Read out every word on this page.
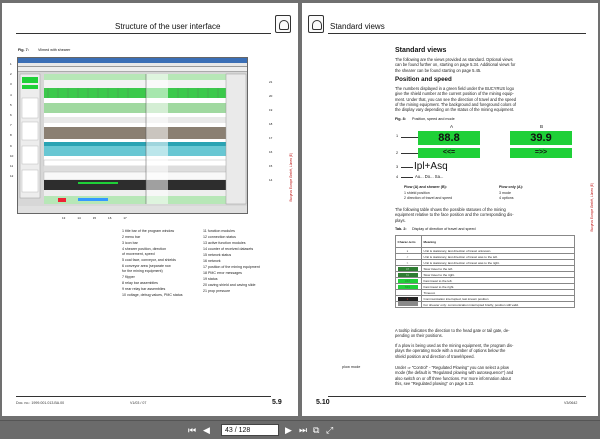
Structure of the user interface
Bucyrus Europe GmbH, Lünen (E)
Fig. 7: Viimed with shearer
1
2
3
4
5
6
7
8
9
10
11
12
21
20
19
18
17
16
15
14
13	14	15	16	17
1 title bar of the program window
2 menu bar
3 icon bar
4 shearer position, direction
of movement, speed
5 coal face, conveyor, and shields
6 conveyor area (separate row
for the mining equipment)
7 flipper
8 relay bar assemblies
9 rear relay bar assemblies
10 voltage, debug values, PMC status
11 function modules
12 connection status
13 active function modules
14 counter of received datasets
15 network status
16 network
17 position of the mining equipment
18 PMC error messages
19 status
20 caving shield and caving slide
21 prop pressure
Doc. no.: 1999.001.013.BA.00	V1/03 / 07	5.9
Standard views
Bucyrus Europe GmbH, Lünen (E)
Standard views
The following are the views provided as standard. Optional views
can be found further on, starting on page 5.34. Additional views for
the shearer can be found starting on page 5.45.
Position and speed
The numbers displayed in a green field under the BUCYRUS logo
give the shield number at the current position of the mining equip-
ment. Under that, you can see the direction of travel and the speed
of the mining equipment. The background and foreground colors of
the display vary depending on the status of the mining equipment.
Fig. 8: Position, speed and mode
A	B
88.8	39.9
<<=	=>>
Ipl+Asq
Au... Do... Sa...
1
2
3
4
Plow (A) and shearer (B):
1 shield position
2 direction of travel and speed
Plow only (A):
3 mode
4 options
The following table shows the possible statuses of the mining
equipment relative to the face position and the corresponding dis-
plays.
Tab. 2: Display of direction of travel and speed
Charac-teris	Meaning
x	Unit is stationary, last direction of travel unknown.
<	Unit is stationary, last direction of travel was to the left.
>	Unit is stationary, last direction of travel was to the right.
<<	Slow travel to the left.
>>	Slow travel to the right.
<<<	Fast travel to the left.
>>>	Fast travel to the right.
	Timeout.
x	Communication interrupted, last known position
	For shearer only: communication interrupted briefly, position still valid.
A tooltip indicates the direction to the head gate or tail gate, de-
pending on their positions.
If a plow is being used as the mining equipment, the program dis-
plays the operating mode with a number of options below the
shield position and direction of travel/speed.
plow mode	Under ⇒ "Control" - "Regulated Plowing" you can select a plow
mode (the default is "Regulated plowing with autosequence") and
also switch on or off three functions. For more information about
this, see "Regulated plowing" on page 5.23.
5.10	V3/0642
⏮ ◀	43 / 128	▶ ⏭ ⧉ ⤢
